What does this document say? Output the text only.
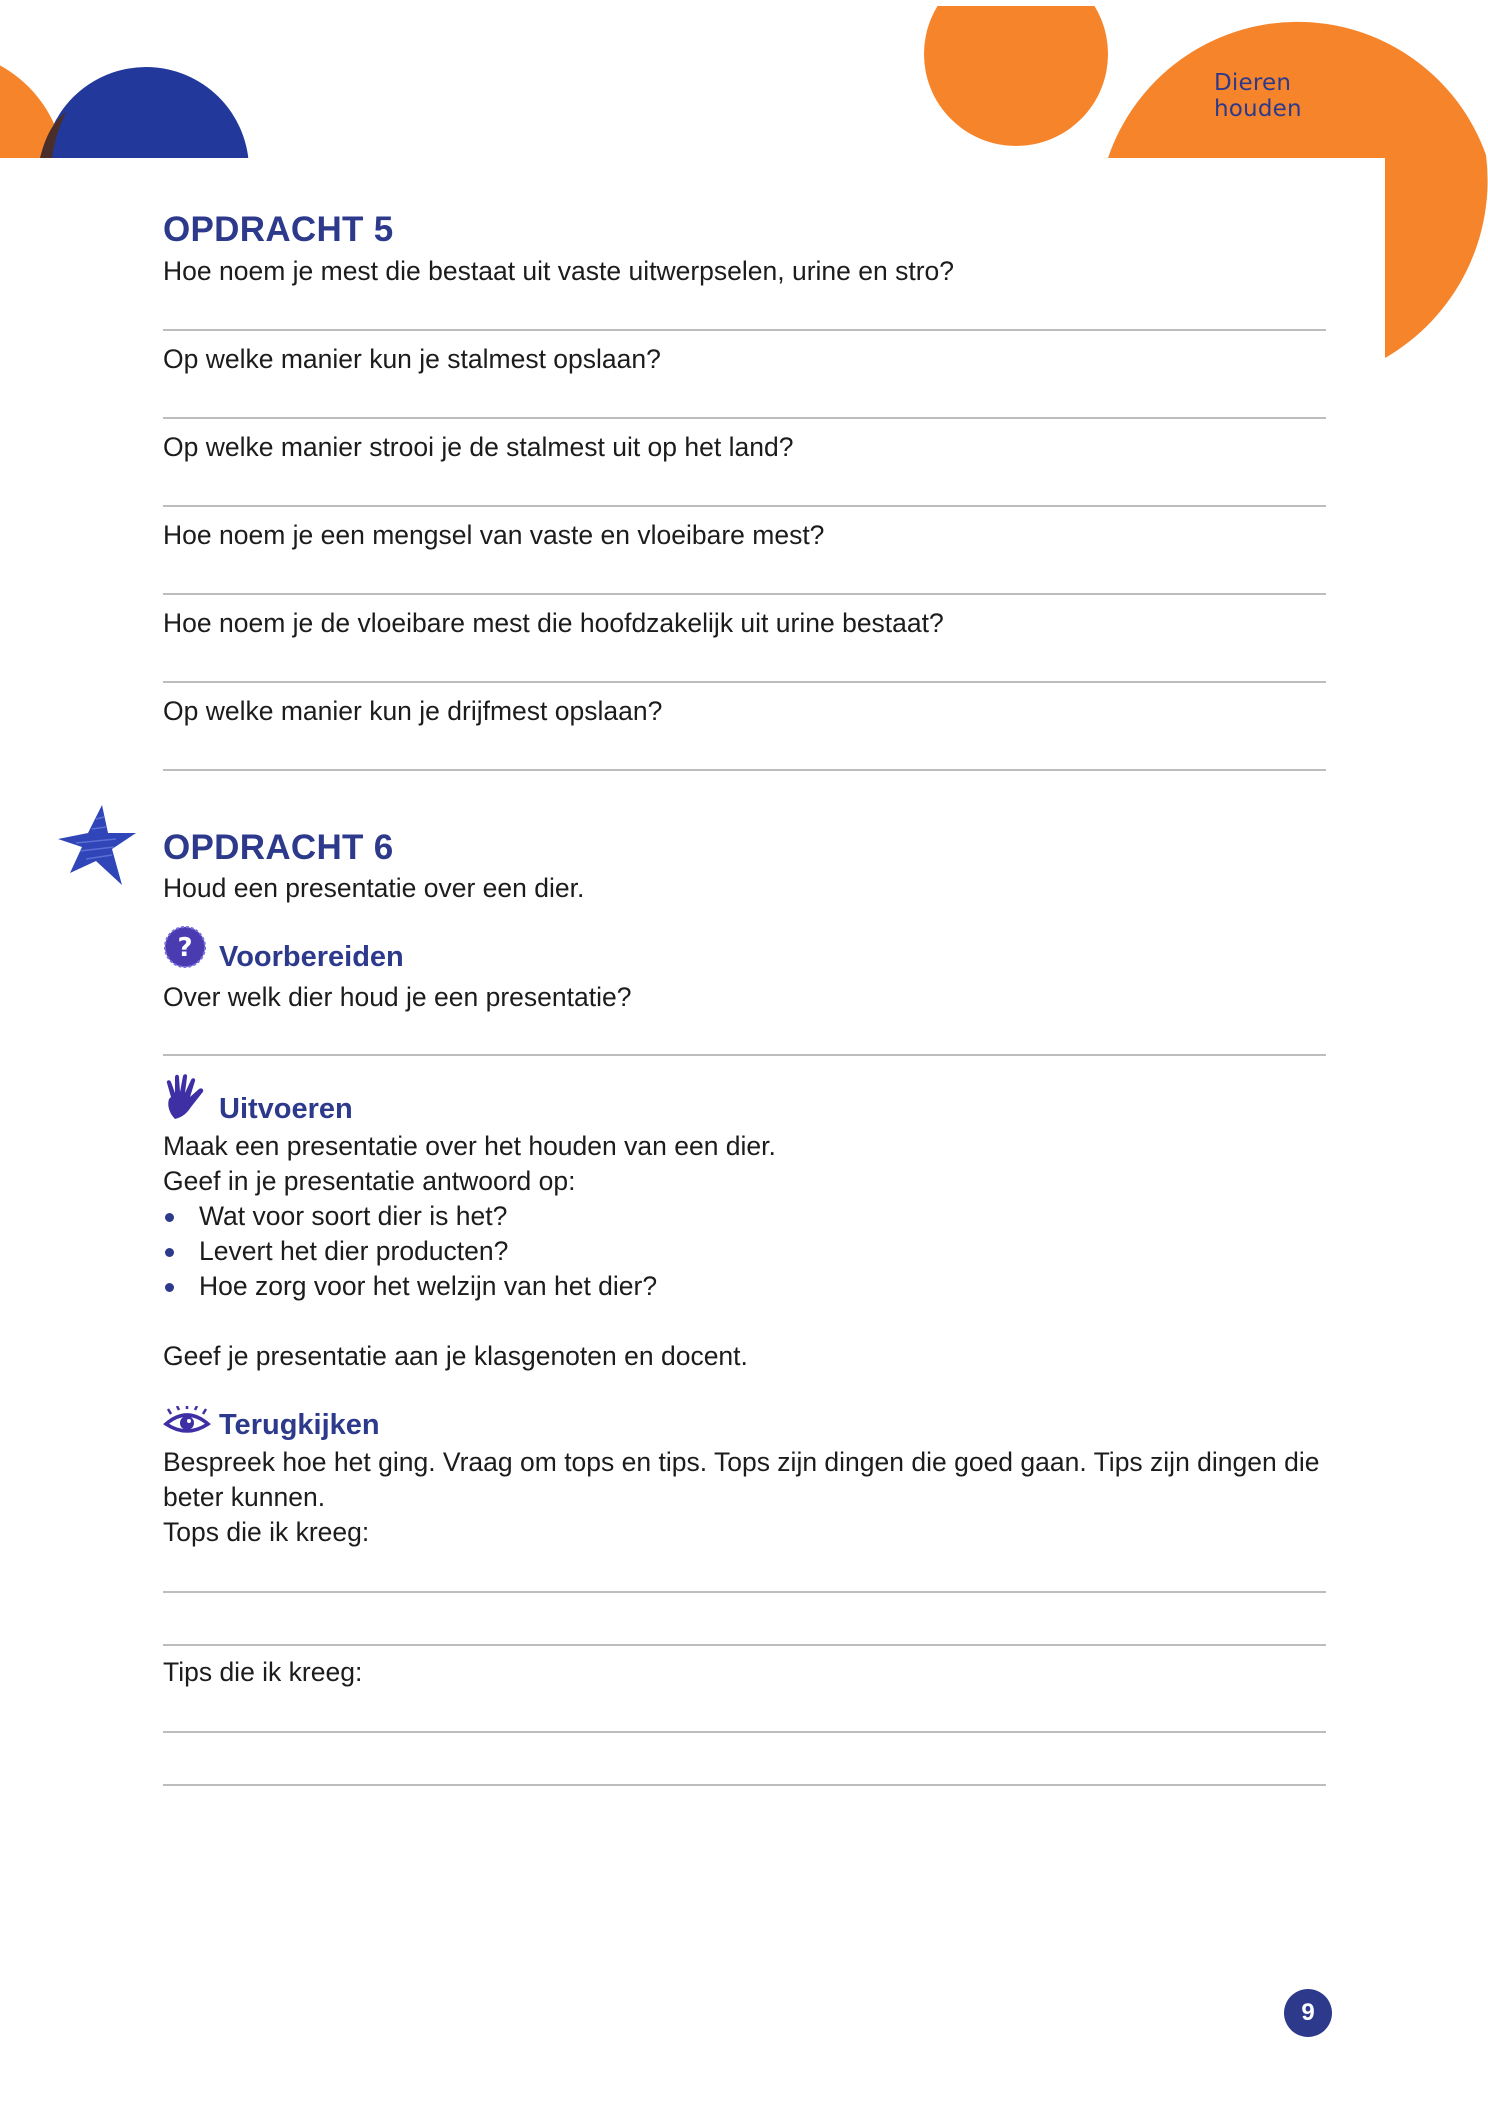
Dieren houden
OPDRACHT 5
Hoe noem je mest die bestaat uit vaste uitwerpselen, urine en stro?
Op welke manier kun je stalmest opslaan?
Op welke manier strooi je de stalmest uit op het land?
Hoe noem je een mengsel van vaste en vloeibare mest?
Hoe noem je de vloeibare mest die hoofdzakelijk uit urine bestaat?
Op welke manier kun je drijfmest opslaan?
OPDRACHT 6
Houd een presentatie over een dier.
? Voorbereiden
Over welk dier houd je een presentatie?
Uitvoeren
Maak een presentatie over het houden van een dier.
Geef in je presentatie antwoord op:
Wat voor soort dier is het?
Levert het dier producten?
Hoe zorg voor het welzijn van het dier?
Geef je presentatie aan je klasgenoten en docent.
Terugkijken
Bespreek hoe het ging. Vraag om tops en tips. Tops zijn dingen die goed gaan. Tips zijn dingen die beter kunnen.
Tops die ik kreeg:
Tips die ik kreeg:
9
